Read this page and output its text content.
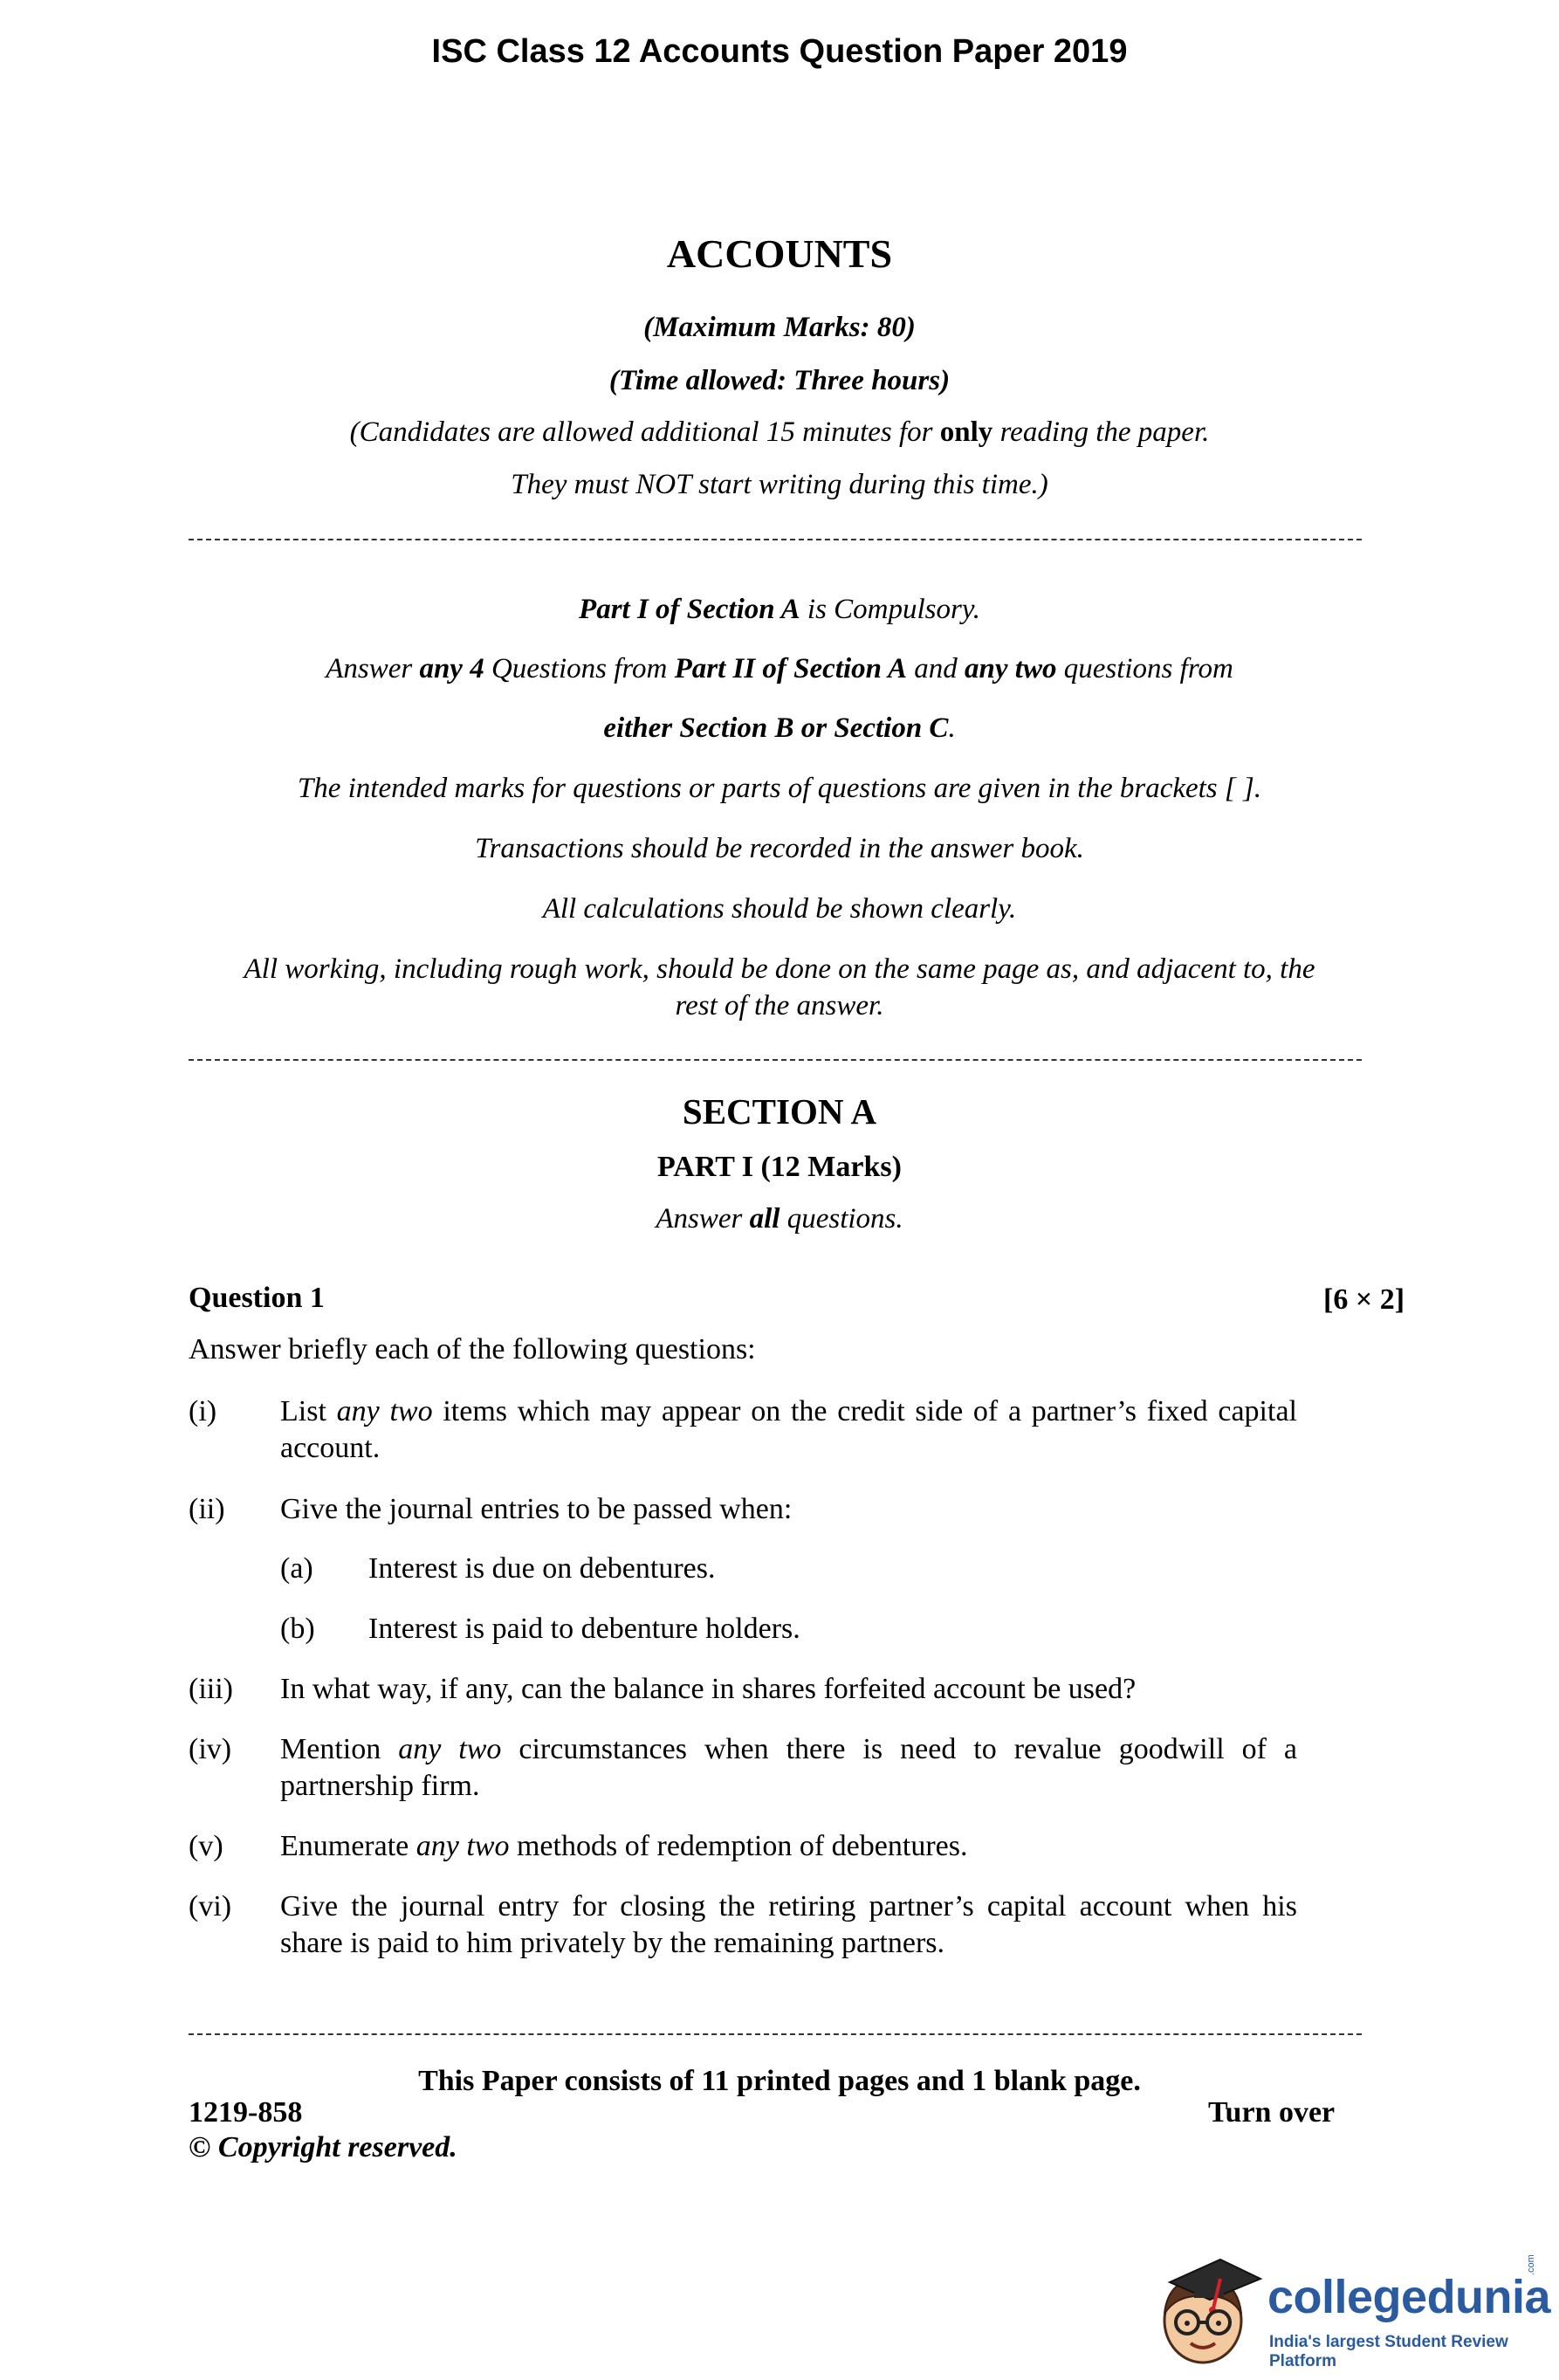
ISC Class 12 Accounts Question Paper 2019
ACCOUNTS
(Maximum Marks: 80)
(Time allowed: Three hours)
(Candidates are allowed additional 15 minutes for only reading the paper.
They must NOT start writing during this time.)
Part I of Section A is Compulsory.
Answer any 4 Questions from Part II of Section A and any two questions from
either Section B or Section C.
The intended marks for questions or parts of questions are given in the brackets [ ].
Transactions should be recorded in the answer book.
All calculations should be shown clearly.
All working, including rough work, should be done on the same page as, and adjacent to, the
rest of the answer.
SECTION A
PART I (12 Marks)
Answer all questions.
Question 1	[6 × 2]
Answer briefly each of the following questions:
(i) List any two items which may appear on the credit side of a partner’s fixed capital account.
(ii) Give the journal entries to be passed when:
(a) Interest is due on debentures.
(b) Interest is paid to debenture holders.
(iii) In what way, if any, can the balance in shares forfeited account be used?
(iv) Mention any two circumstances when there is need to revalue goodwill of a partnership firm.
(v) Enumerate any two methods of redemption of debentures.
(vi) Give the journal entry for closing the retiring partner’s capital account when his share is paid to him privately by the remaining partners.
This Paper consists of 11 printed pages and 1 blank page.
1219-858	Turn over
© Copyright reserved.
collegedunia
.com
India's largest Student Review Platform
